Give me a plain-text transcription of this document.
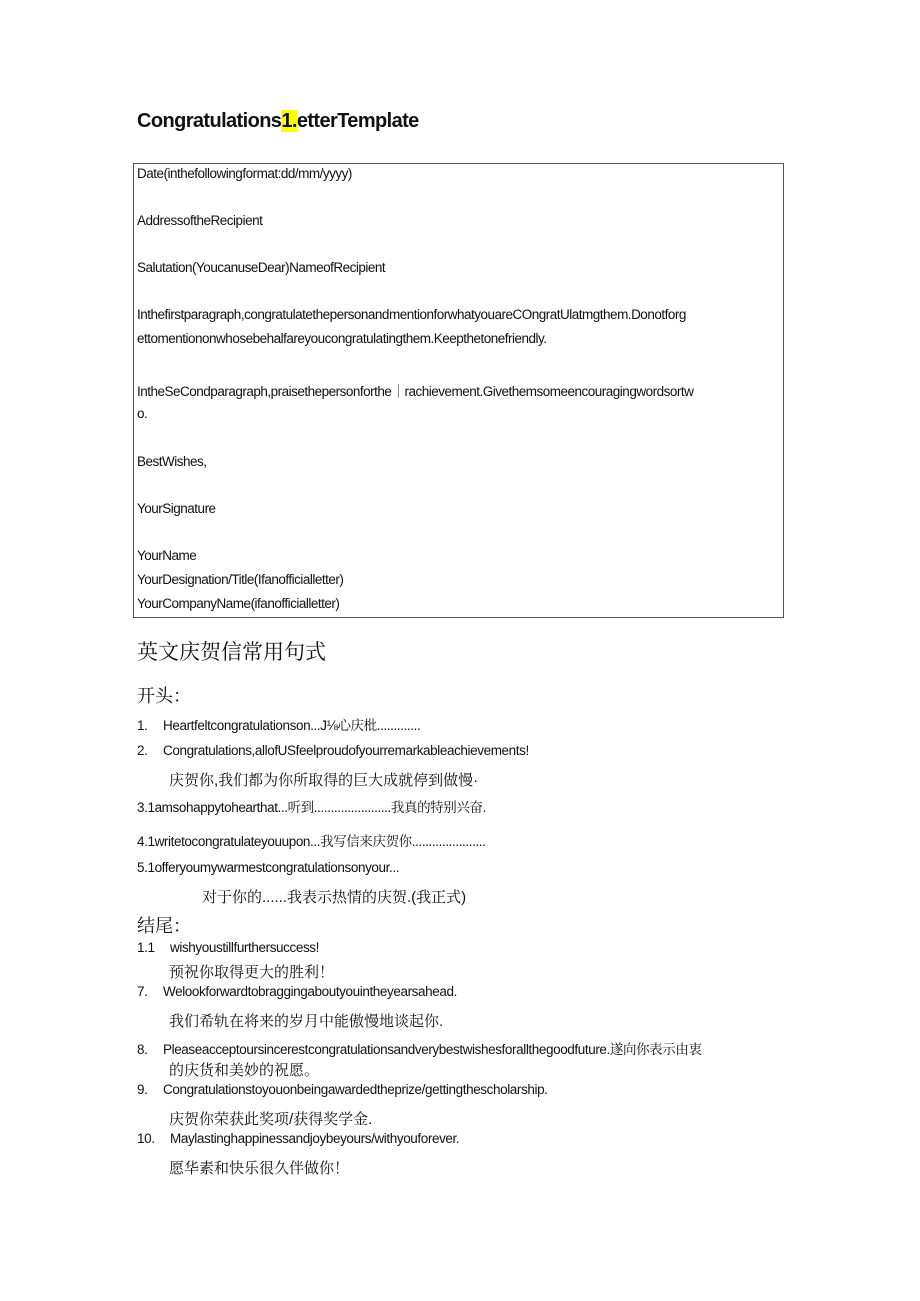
Congratulations1.etterTemplate
Date(inthefollowingformat:dd/mm/yyyy)
AddressoftheRecipient
Salutation(YoucanuseDear)NameofRecipient
Inthefirstparagraph,congratulatethepersonandmentionforwhatyouareCOngratUlatmgthem.Donotforg
ettomentiononwhosebehalfareyoucongratulatingthem.Keepthetonefriendly.
IntheSeCondparagraph,praisethepersonforthe｜rachievement.Givethemsomeencouragingwordsortw
o.
BestWishes,
YourSignature
YourName
YourDesignation/Title(Ifanofficialletter)
YourCompanyName(ifanofficialletter)
英文庆贺信常用句式
开头：
1. Heartfeltcongratulationson...J⅛心庆枇.............
2. Congratulations,allofUSfeelproudofyourremarkableachievements!
庆贺你,我们都为你所取得的巨大成就停到做慢·
3.1amsohappytohearthat...听到.......................我真的特别兴奋.
4.1writetocongratulateyouupon...我写信来庆贺你......................
5.1offeryoumywarmestcongratulationsonyour...
对于你的......我表示热情的庆贺.(我正式)
结尾：
1.1 wishyoustillfurthersuccess!
预祝你取得更大的胜利！
7. Welookforwardtobraggingaboutyouintheyearsahead.
我们希轨在将来的岁月中能傲慢地谈起你.
8. Pleaseacceptoursincerestcongratulationsandverybestwishesforallthegoodfuture.遂向你表示由衷
的庆货和美妙的祝愿。
9. Congratulationstoyouonbeingawardedtheprize/gettingthescholarship.
庆贺你荣获此奖项/获得奖学金.
10. Maylastinghappinessandjoybeyours/withyouforever.
愿华素和快乐很久伴做你！
